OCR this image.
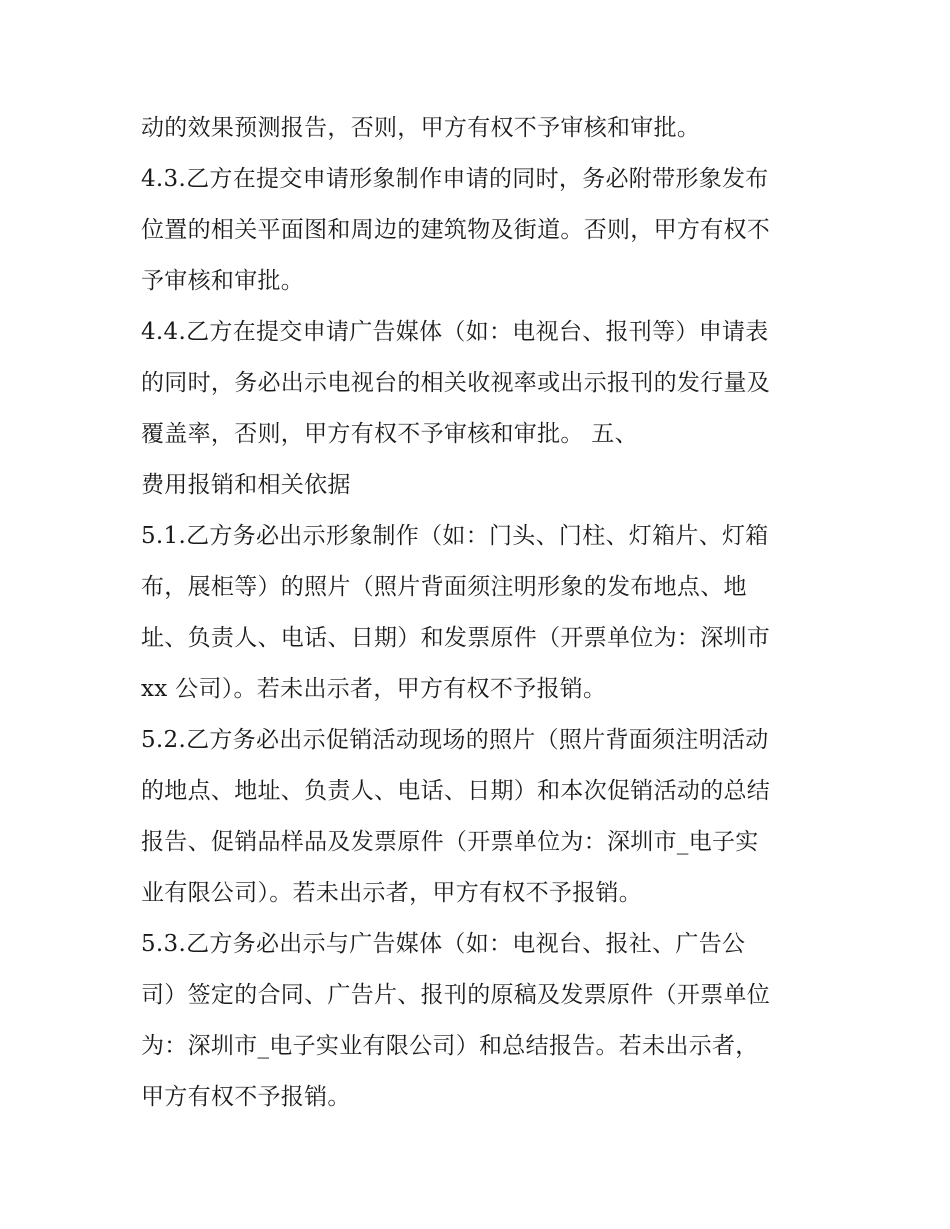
动的效果预测报告，否则，甲方有权不予审核和审批。
4.3.乙方在提交申请形象制作申请的同时，务必附带形象发布
位置的相关平面图和周边的建筑物及街道。否则，甲方有权不
予审核和审批。
4.4.乙方在提交申请广告媒体（如：电视台、报刊等）申请表
的同时，务必出示电视台的相关收视率或出示报刊的发行量及
覆盖率，否则，甲方有权不予审核和审批。 五、
费用报销和相关依据
5.1.乙方务必出示形象制作（如：门头、门柱、灯箱片、灯箱
布，展柜等）的照片（照片背面须注明形象的发布地点、地
址、负责人、电话、日期）和发票原件（开票单位为：深圳市
xx 公司）。若未出示者，甲方有权不予报销。
5.2.乙方务必出示促销活动现场的照片（照片背面须注明活动
的地点、地址、负责人、电话、日期）和本次促销活动的总结
报告、促销品样品及发票原件（开票单位为：深圳市_电子实
业有限公司）。若未出示者，甲方有权不予报销。
5.3.乙方务必出示与广告媒体（如：电视台、报社、广告公
司）签定的合同、广告片、报刊的原稿及发票原件（开票单位
为：深圳市_电子实业有限公司）和总结报告。若未出示者，
甲方有权不予报销。
